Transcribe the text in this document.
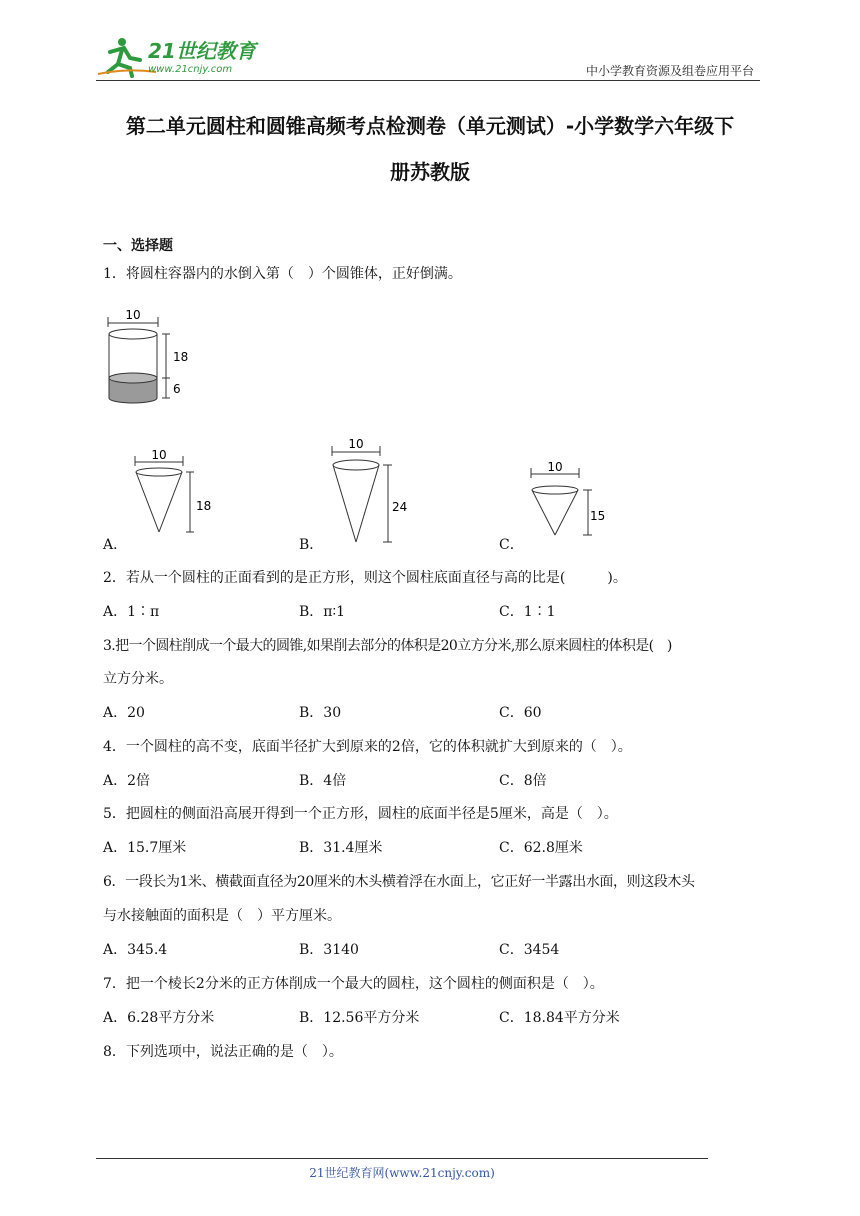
21世纪教育
www.21cnjy.com	中小学教育资源及组卷应用平台
第二单元圆柱和圆锥高频考点检测卷（单元测试）-小学数学六年级下
册苏教版
一、选择题
1．将圆柱容器内的水倒入第（　）个圆锥体，正好倒满。
10
18
6
10
18
A．
10
24
B．
10
15
C．
2．若从一个圆柱的正面看到的是正方形，则这个圆柱底面直径与高的比是(　　　)。
A．1∶π	B．π∶1	C．1∶1
3.把一个圆柱削成一个最大的圆锥,如果削去部分的体积是20立方分米,那么原来圆柱的体积是(　)
立方分米。
A．20	B．30	C．60
4．一个圆柱的高不变，底面半径扩大到原来的2倍，它的体积就扩大到原来的（　）。
A．2倍	B．4倍	C．8倍
5．把圆柱的侧面沿高展开得到一个正方形，圆柱的底面半径是5厘米，高是（　）。
A．15.7厘米	B．31.4厘米	C．62.8厘米
6．一段长为1米、横截面直径为20厘米的木头横着浮在水面上，它正好一半露出水面，则这段木头
与水接触面的面积是（　）平方厘米。
A．345.4	B．3140	C．3454
7．把一个棱长2分米的正方体削成一个最大的圆柱，这个圆柱的侧面积是（　）。
A．6.28平方分米	B．12.56平方分米	C．18.84平方分米
8．下列选项中，说法正确的是（　）。
21世纪教育网(www.21cnjy.com)
